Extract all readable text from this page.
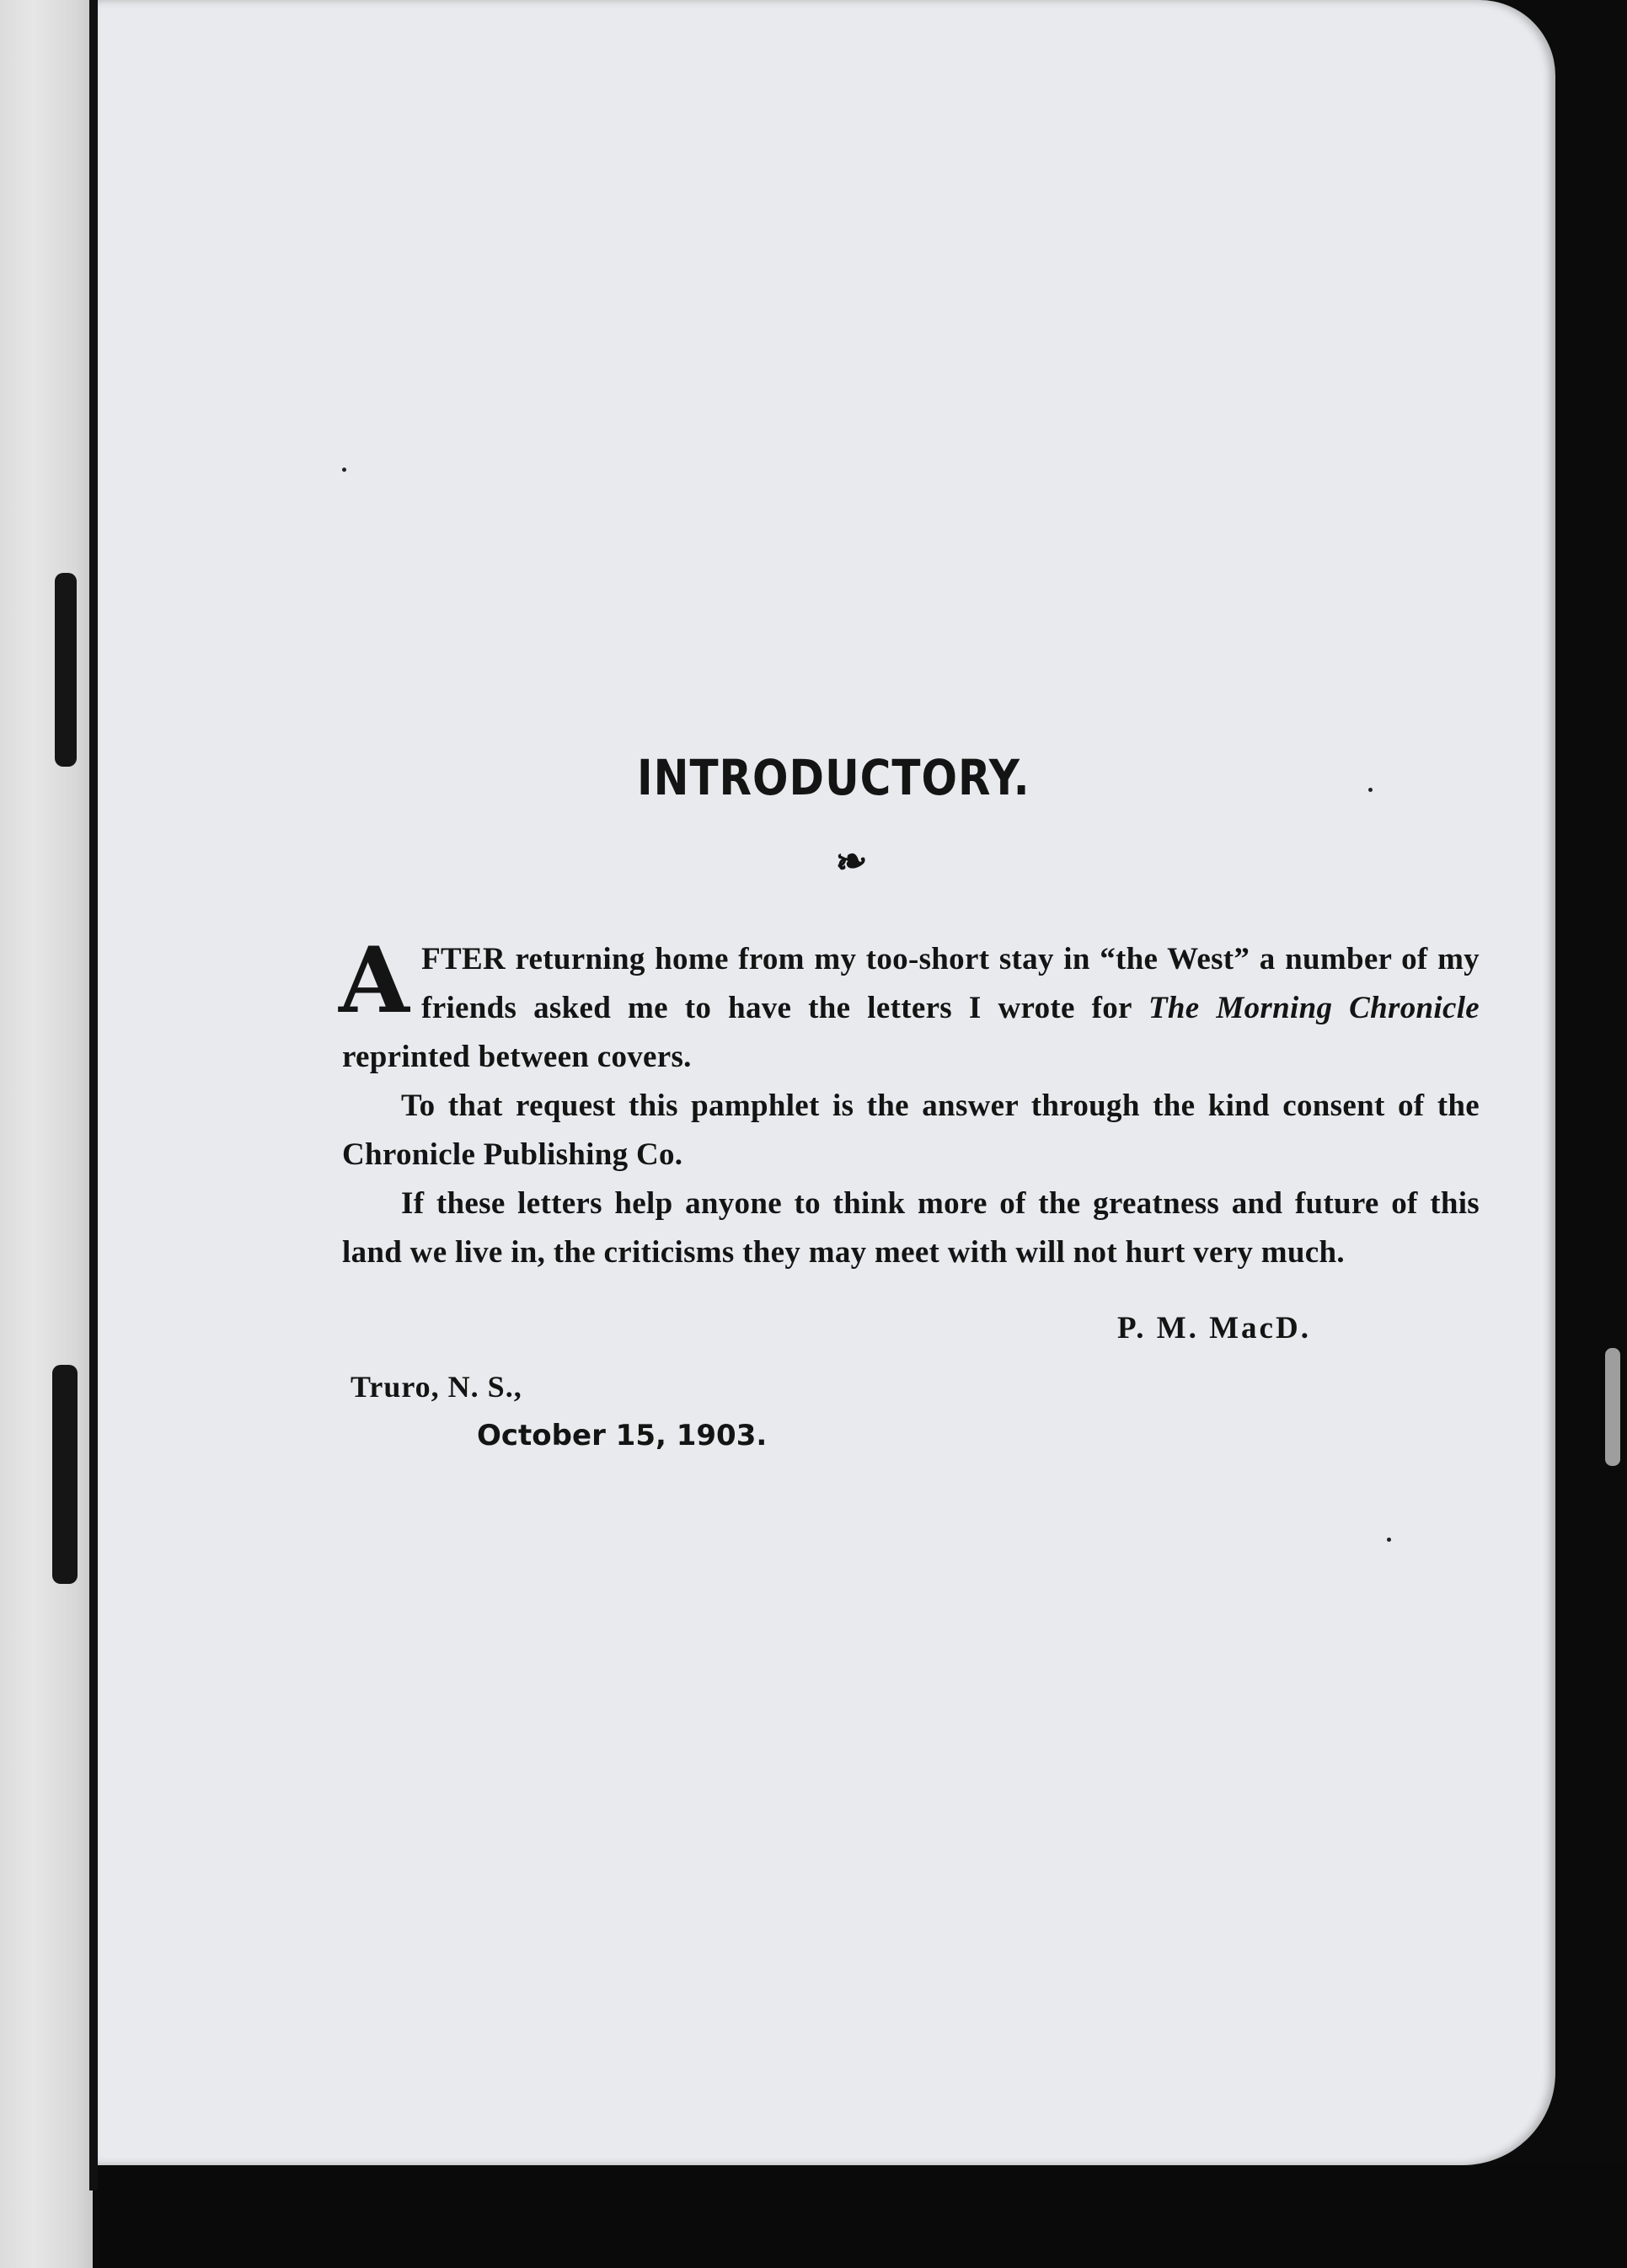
INTRODUCTORY.
❧

AFTER returning home from my too-short stay in “the West” a number of my friends asked me to have the letters I wrote for The Morning Chronicle reprinted between covers.

To that request this pamphlet is the answer through the kind consent of the Chronicle Publishing Co.

If these letters help anyone to think more of the greatness and future of this land we live in, the criticisms they may meet with will not hurt very much.

P. M. MacD.
Truro, N. S.,
October 15, 1903.
